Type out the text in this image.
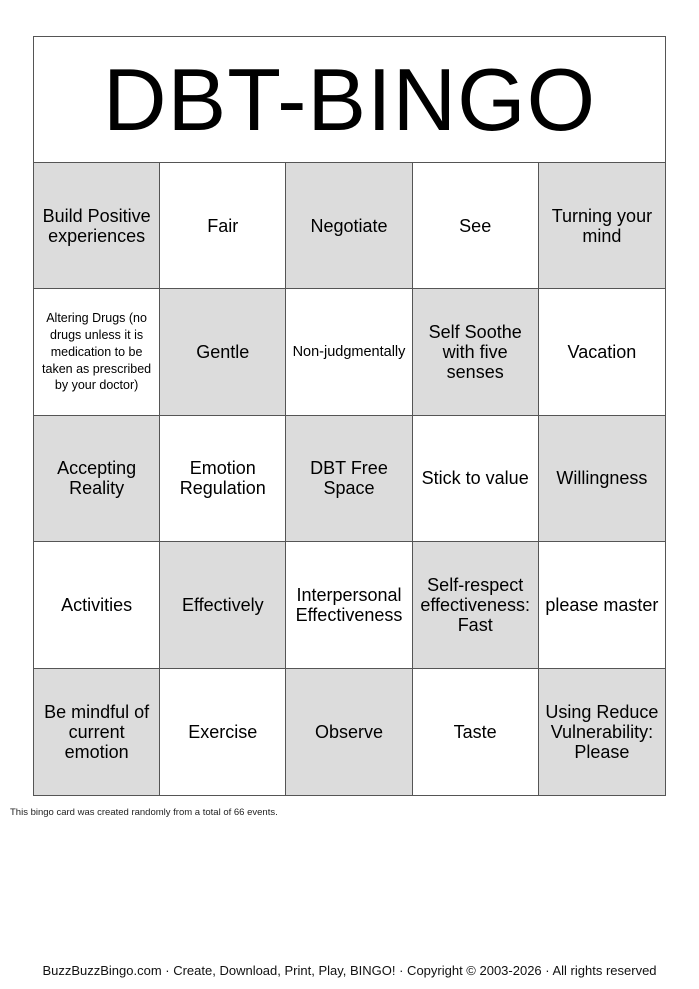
DBT-BINGO
Build Positive experiences
Fair	Negotiate	See
Turning your mind
Altering Drugs (no drugs unless it is medication to be taken as prescribed by your doctor)
Gentle	Non-judgmentally
Self Soothe with five senses
Vacation
Accepting Reality
Emotion Regulation
DBT Free Space
Stick to value	Willingness
Activities	Effectively
Interpersonal Effectiveness
Self-respect effectiveness: Fast
please master
Be mindful of current emotion
Exercise	Observe	Taste
Using Reduce Vulnerability: Please
This bingo card was created randomly from a total of 66 events.
BuzzBuzzBingo.com · Create, Download, Print, Play, BINGO! · Copyright © 2003-2026 · All rights reserved
